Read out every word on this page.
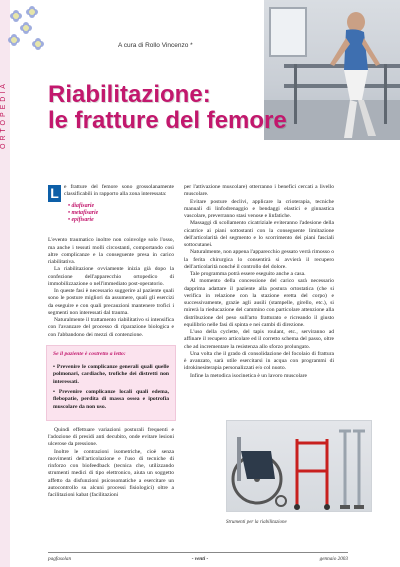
ORTOPEDIA
A cura di Rollo Vincenzo *
Riabilitazione:
le fratture del femore

L e fratture del femore sono grossolanamente classificabili in rapporto alla zona interessata:

• diafisarie
• metafisarie
• epifisarie

L'evento traumatico inoltre non coinvolge solo l'osso, ma anche i tessuti molli circostanti, comportando così altre complicanze e la conseguente presa in carico riabilitativa.

La riabilitazione ovviamente inizia già dopo la confezione dell'apparecchio ortopedico di immobilizzazione o nell'immediato post-operatorio.

In queste fasi è necessario suggerire al paziente quali sono le posture migliori da assumere, quali gli esercizi da eseguire e con quali precauzioni mantenere trofici i segmenti non interessati dal trauma.

Naturalmente il trattamento riabilitativo si intensifica con l'avanzare del processo di riparazione biologica e con l'abbandono dei mezzi di contenzione.

Se il paziente è costretto a letto:
• Prevenire le complicanze generali quali quelle polmonari, cardiache, trofiche dei distretti non interessati.
• Prevenire complicanze locali quali edema, flebopatie, perdita di massa ossea e ipotrofia muscolare da non uso.

Quindi effettuare variazioni posturali frequenti e l'adozione di presidi anti decubito, onde evitare lesioni ulcerose da pressione.

Inoltre le contrazioni isometriche, cioè senza movimenti dell'articolazione e l'uso di tecniche di rinforzo con biofeedback (tecnica che, utilizzando strumenti medici di tipo elettronico, aiuta un soggetto affetto da disfunzioni psicosomatiche a esercitare un autocontrollo su alcuni processi fisiologici) oltre a facilitazioni kabat (facilitazioni

per l'attivazione muscolare) otterranno i benefici cercati a livello muscolare.

Evitare posture declivi, applicare la crioterapia, tecniche manuali di linfodrenaggio e bendaggi elastici e ginnastica vascolare, preverranno stasi venose e linfatiche.

Massaggi di scollamento cicatriziale eviteranno l'adesione della cicatrice ai piani sottostanti con la conseguente limitazione dell'articolarità del segmento e lo scorrimento dei piani fasciali sottocutanei.

Naturalmente, non appena l'apparecchio gessato verrà rimosso o la ferita chirurgica lo consentirà si avvierà il recupero dell'articolarità nonché il controllo del dolore.

Tale programma potrà essere eseguito anche a casa.

Al momento della concessione del carico sarà necessario dapprima adattare il paziente alla postura ortostatica (che si verifica in relazione con la stazione eretta del corpo) e successivamente, grazie agli ausili (stampelle, girello, etc.), si mirerà la rieducazione del cammino con particolare attenzione alla distribuzione del peso sull'arto fratturato e ricreando il giusto equilibrio nelle fasi di spinta e nei cambi di direzione.

L'uso della cyclette, del tapis roulant, etc., serviranno ad affinare il recupero articolare ed il corretto schema del passo, oltre che ad incrementare la resistenza allo sforzo prolungato.

Una volta che il grado di consolidazione del focolaio di frattura è avanzato, sarà utile esercitarsi in acqua con programmi di idrokinesiterapia personalizzati e/o col nuoto.

Infine la metodica isocinetica è un lavoro muscolare

Strumenti per la riabilitazione
pagfasolan	- venti -	gennaio 2003
